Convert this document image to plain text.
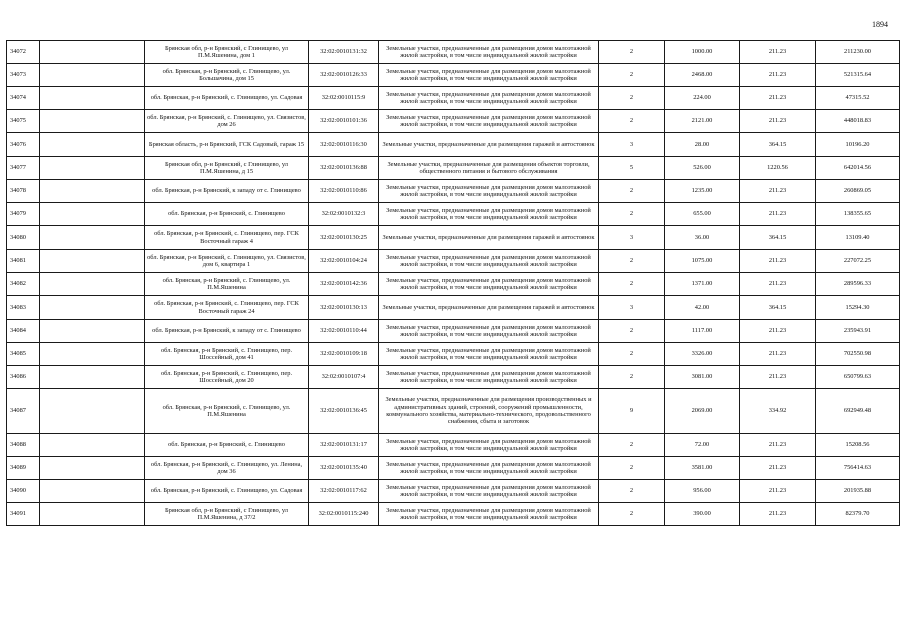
1894
34072		Брянская обл, р-н Брянский, с Глинищево, ул П.М.Яшенина, дом 1	32:02:0010131:32	Земельные участки, предназначенные для размещения домов малоэтажной жилой застройки, в том числе индивидуальной жилой застройки	2	1000.00	211.23	211230.00
34073		обл. Брянская, р-н Брянский, с. Глинищево, ул. Большачина, дом 15	32:02:0010126:33	Земельные участки, предназначенные для размещения домов малоэтажной жилой застройки, в том числе индивидуальной жилой застройки	2	2468.00	211.23	521315.64
34074		обл. Брянская, р-н Брянский, с. Глинищево, ул. Садовая	32:02:0010115:9	Земельные участки, предназначенные для размещения домов малоэтажной жилой застройки, в том числе индивидуальной жилой застройки	2	224.00	211.23	47315.52
34075		обл. Брянская, р-н Брянский, с. Глинищево, ул. Связистов, дом 26	32:02:0010101:36	Земельные участки, предназначенные для размещения домов малоэтажной жилой застройки, в том числе индивидуальной жилой застройки	2	2121.00	211.23	448018.83
34076		Брянская область, р-н Брянский, ГСК Садовый, гараж 15	32:02:0010116:30	Земельные участки, предназначенные для размещения гаражей и автостоянок	3	28.00	364.15	10196.20
34077		Брянская обл, р-н Брянский, с Глинищево, ул П.М.Яшенина, д 15	32:02:0010136:88	Земельные участки, предназначенные для размещения объектов торговли, общественного питания и бытового обслуживания	5	526.00	1220.56	642014.56
34078		обл. Брянская, р-н Брянский, к западу от с. Глинищево	32:02:0010110:86	Земельные участки, предназначенные для размещения домов малоэтажной жилой застройки, в том числе индивидуальной жилой застройки	2	1235.00	211.23	260869.05
34079		обл. Брянская, р-н Брянский, с. Глинищево	32:02:0010132:3	Земельные участки, предназначенные для размещения домов малоэтажной жилой застройки, в том числе индивидуальной жилой застройки	2	655.00	211.23	138355.65
34080		обл. Брянская, р-н Брянский, с. Глинищево, пер. ГСК Восточный гараж 4	32:02:0010130:25	Земельные участки, предназначенные для размещения гаражей и автостоянок	3	36.00	364.15	13109.40
34081		обл. Брянская, р-н Брянский, с. Глинищево, ул. Связистов, дом 6, квартира 1	32:02:0010104:24	Земельные участки, предназначенные для размещения домов малоэтажной жилой застройки, в том числе индивидуальной жилой застройки	2	1075.00	211.23	227072.25
34082		обл. Брянская, р-н Брянский, с. Глинищево, ул. П.М.Яшенина	32:02:0010142:36	Земельные участки, предназначенные для размещения домов малоэтажной жилой застройки, в том числе индивидуальной жилой застройки	2	1371.00	211.23	289596.33
34083		обл. Брянская, р-н Брянский, с. Глинищево, пер. ГСК Восточный гараж 24	32:02:0010130:13	Земельные участки, предназначенные для размещения гаражей и автостоянок	3	42.00	364.15	15294.30
34084		обл. Брянская, р-н Брянский, к западу от с. Глинищево	32:02:0010110:44	Земельные участки, предназначенные для размещения домов малоэтажной жилой застройки, в том числе индивидуальной жилой застройки	2	1117.00	211.23	235943.91
34085		обл. Брянская, р-н Брянский, с. Глинищево, пер. Шоссейный, дом 41	32:02:0010109:18	Земельные участки, предназначенные для размещения домов малоэтажной жилой застройки, в том числе индивидуальной жилой застройки	2	3326.00	211.23	702550.98
34086		обл. Брянская, р-н Брянский, с. Глинищево, пер. Шоссейный, дом 20	32:02:0010107:4	Земельные участки, предназначенные для размещения домов малоэтажной жилой застройки, в том числе индивидуальной жилой застройки	2	3081.00	211.23	650799.63
34087		обл. Брянская, р-н Брянский, с. Глинищево, ул. П.М.Яшенина	32:02:0010136:45	Земельные участки, предназначенные для размещения производственных и административных зданий, строений, сооружений промышленности, коммунального хозяйства, материально-технического, продовольственного снабжения, сбыта и заготовок	9	2069.00	334.92	692949.48
34088		обл. Брянская, р-н Брянский, с. Глинищево	32:02:0010131:17	Земельные участки, предназначенные для размещения домов малоэтажной жилой застройки, в том числе индивидуальной жилой застройки	2	72.00	211.23	15208.56
34089		обл. Брянская, р-н Брянский, с. Глинищево, ул. Ленина, дом 36	32:02:0010135:40	Земельные участки, предназначенные для размещения домов малоэтажной жилой застройки, в том числе индивидуальной жилой застройки	2	3581.00	211.23	756414.63
34090		обл. Брянская, р-н Брянский, с. Глинищево, ул. Садовая	32:02:0010117:62	Земельные участки, предназначенные для размещения домов малоэтажной жилой застройки, в том числе индивидуальной жилой застройки	2	956.00	211.23	201935.88
34091		Брянская обл, р-н Брянский, с Глинищево, ул П.М.Яшенина, д 37/2	32:02:0010115:240	Земельные участки, предназначенные для размещения домов малоэтажной жилой застройки, в том числе индивидуальной жилой застройки	2	390.00	211.23	82379.70
